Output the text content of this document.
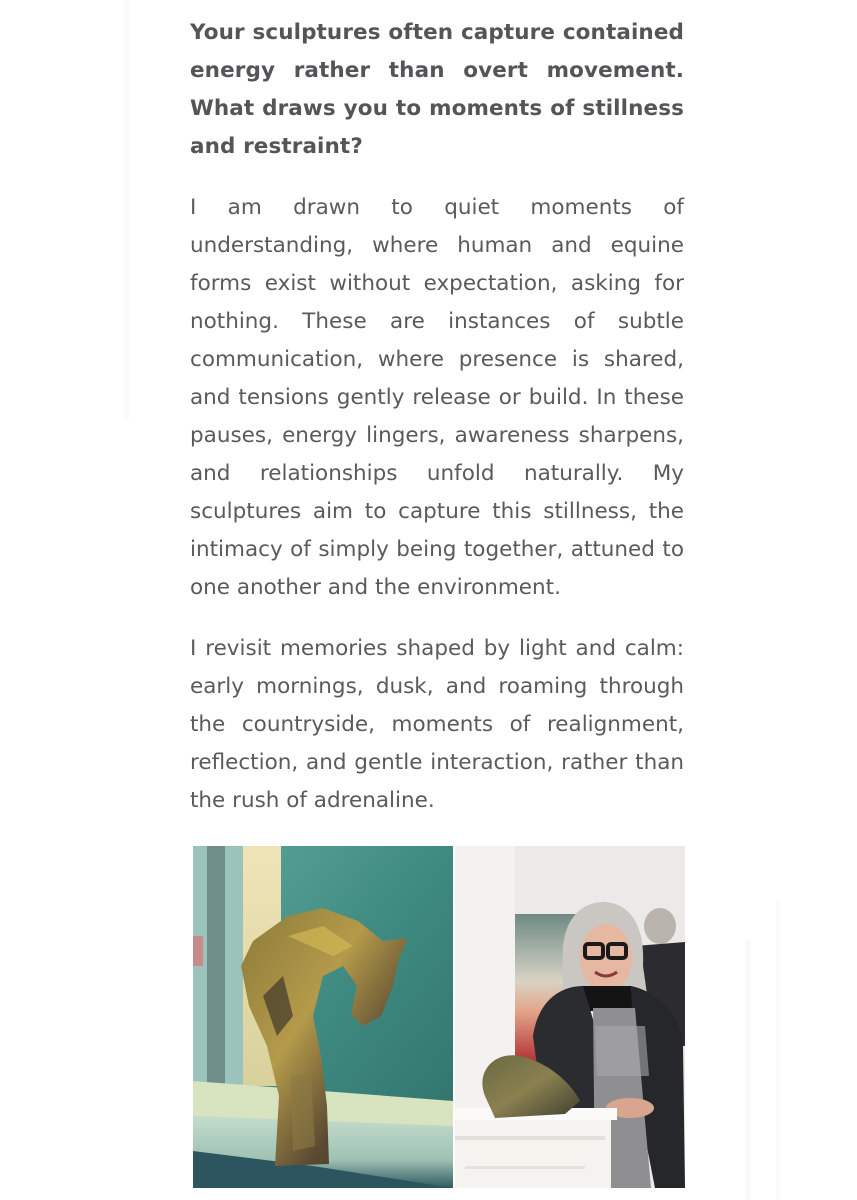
Your sculptures often capture contained energy rather than overt movement. What draws you to moments of stillness and restraint?

I am drawn to quiet moments of understanding, where human and equine forms exist without expectation, asking for nothing. These are instances of subtle communication, where presence is shared, and tensions gently release or build. In these pauses, energy lingers, awareness sharpens, and relationships unfold naturally. My sculptures aim to capture this stillness, the intimacy of simply being together, attuned to one another and the environment.

I revisit memories shaped by light and calm: early mornings, dusk, and roaming through the countryside, moments of realignment, reflection, and gentle interaction, rather than the rush of adrenaline.
